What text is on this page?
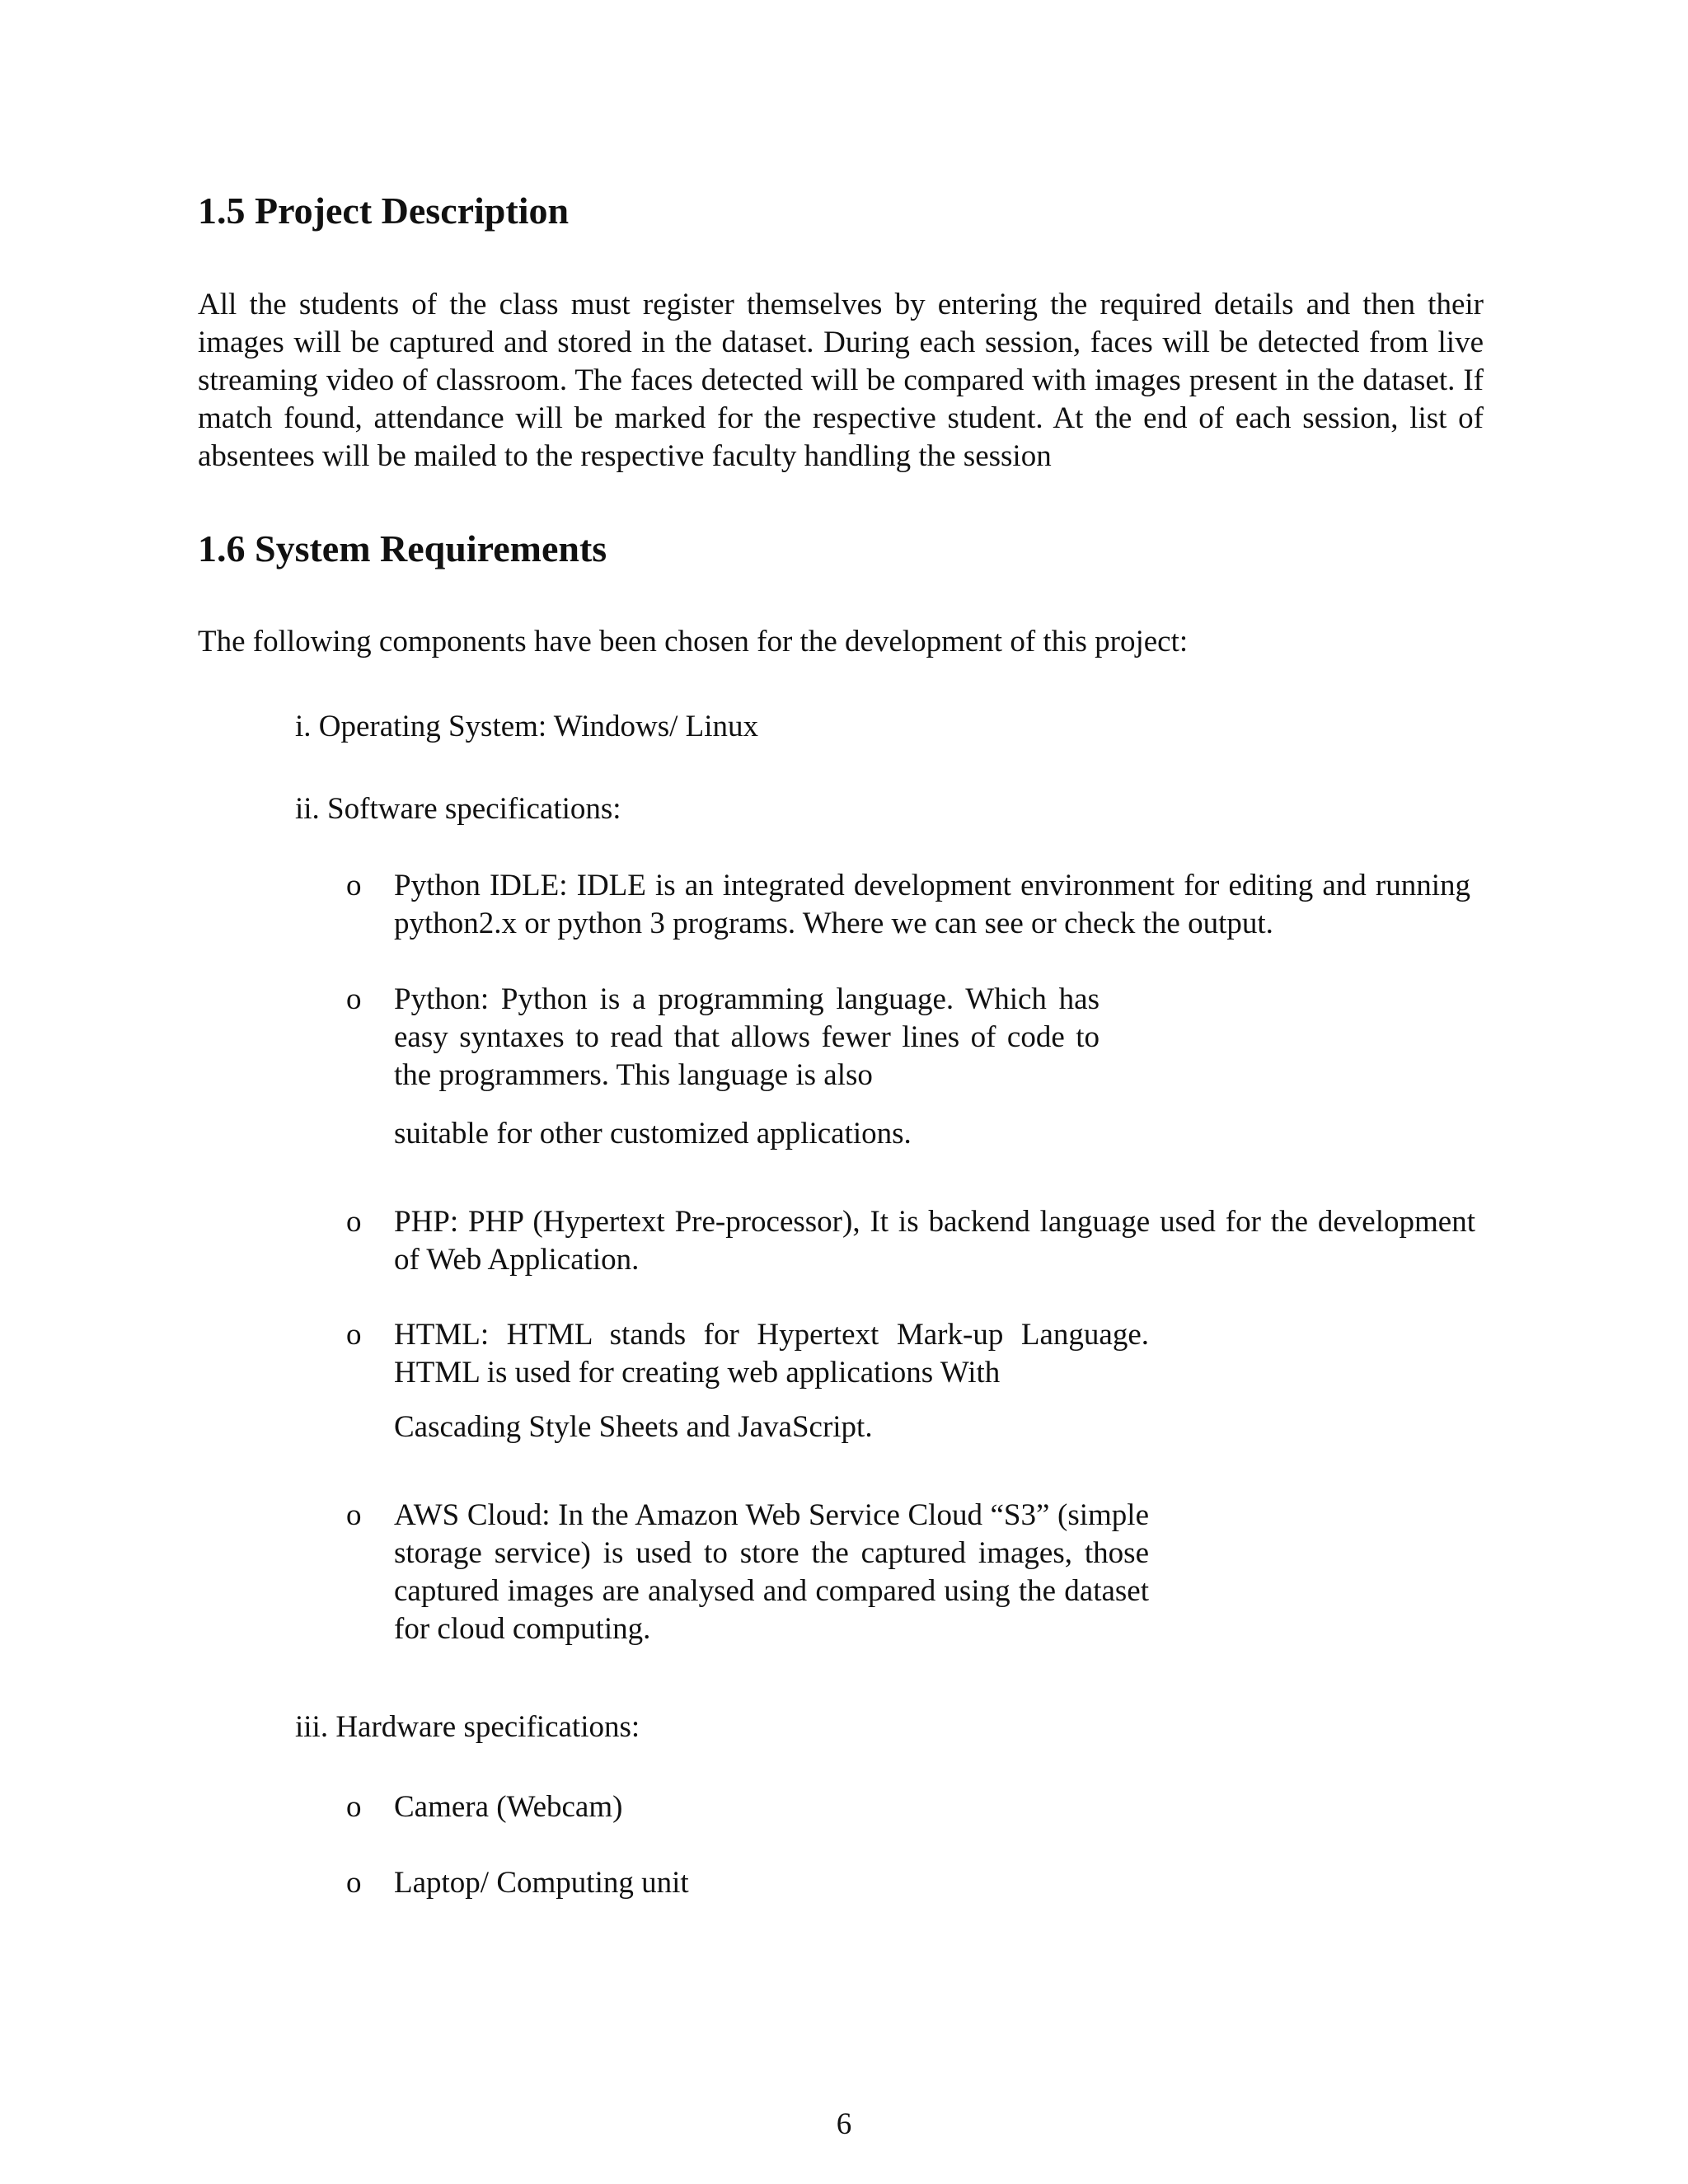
1.5 Project Description
All the students of the class must register themselves by entering the required details and then their images will be captured and stored in the dataset. During each session, faces will be detected from live streaming video of classroom. The faces detected will be compared with images present in the dataset. If match found, attendance will be marked for the respective student. At the end of each session, list of absentees will be mailed to the respective faculty handling the session
1.6 System Requirements
The following components have been chosen for the development of this project:
i. Operating System: Windows/ Linux
ii. Software specifications:
o Python IDLE: IDLE is an integrated development environment for editing and running python2.x or python 3 programs. Where we can see or check the output.
o Python: Python is a programming language. Which has easy syntaxes to read that allows fewer lines of code to the programmers. This language is also
suitable for other customized applications.
o PHP: PHP (Hypertext Pre-processor), It is backend language used for the development of Web Application.
o HTML: HTML stands for Hypertext Mark-up Language. HTML is used for creating web applications With
Cascading Style Sheets and JavaScript.
o AWS Cloud: In the Amazon Web Service Cloud “S3” (simple storage service) is used to store the captured images, those captured images are analysed and compared using the dataset for cloud computing.
iii. Hardware specifications:
o Camera (Webcam)
o Laptop/ Computing unit
6
